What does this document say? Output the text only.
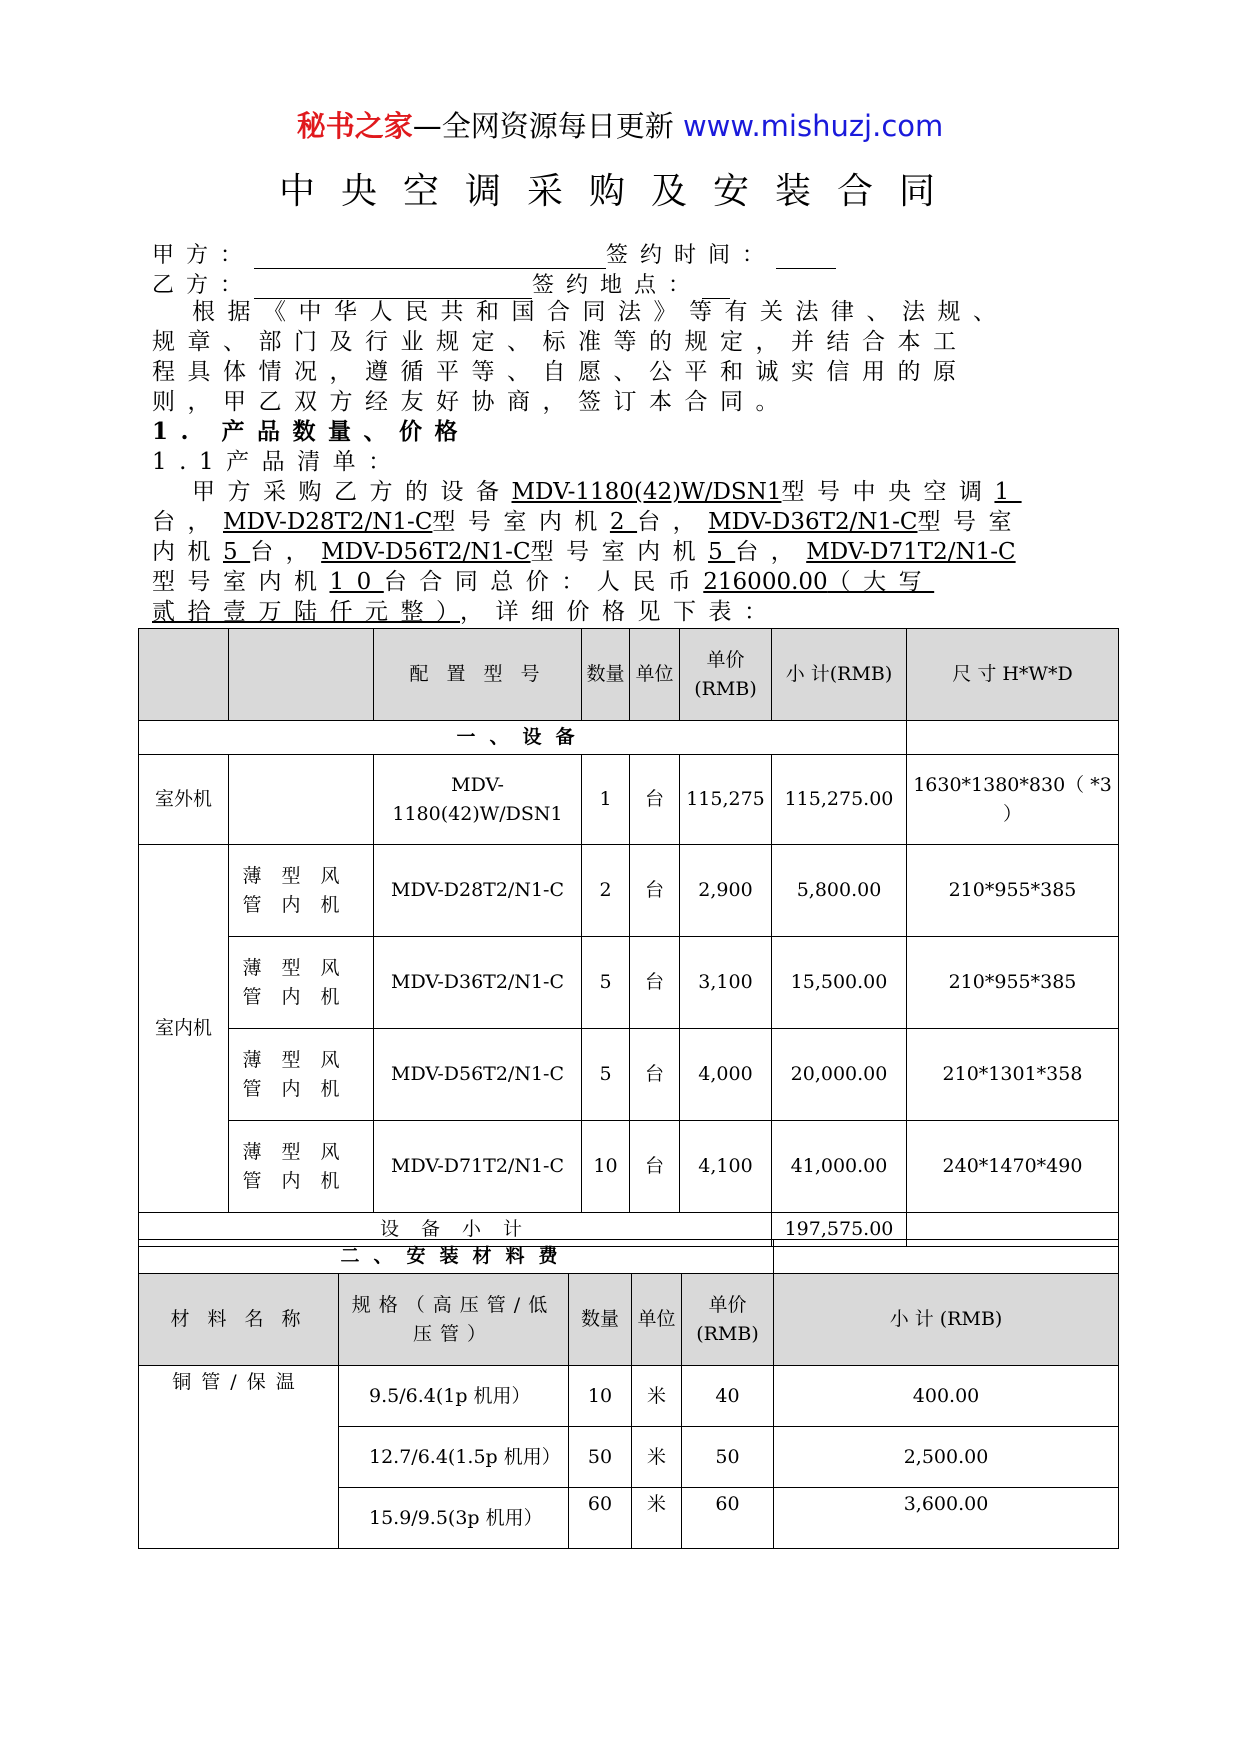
秘书之家—全网资源每日更新 www.mishuzj.com
中央空调采购及安装合同
甲方：	签约时间：
乙方：	签约地点：
根据《中华人民共和国合同法》等有关法律、法规、
规章、部门及行业规定、标准等的规定，并结合本工
程具体情况，遵循平等、自愿、公平和诚实信用的原
则，甲乙双方经友好协商，签订本合同。
1. 产品数量、价格
1.1产品清单：
甲方采购乙方的设备MDV-1180(42)W/DSN1型号中央空调1
台，MDV-D28T2/N1-C型号室内机2台，MDV-D36T2/N1-C型号室
内机5台，MDV-D56T2/N1-C型号室内机5台，MDV-D71T2/N1-C
型号室内机10台合同总价：人民币216000.00（大写
贰拾壹万陆仟元整），详细价格见下表：
		配 置 型 号	数量	单位	单价(RMB)	小 计(RMB)	尺 寸 H*W*D
一、设备							
室外机		MDV-1180(42)W/DSN1	1	台	115,275	115,275.00	1630*1380*830（ *3 ）
室内机	薄型风管内机	MDV-D28T2/N1-C	2	台	2,900	5,800.00	210*955*385
	薄型风管内机	MDV-D36T2/N1-C	5	台	3,100	15,500.00	210*955*385
	薄型风管内机	MDV-D56T2/N1-C	5	台	4,000	20,000.00	210*1301*358
	薄型风管内机	MDV-D71T2/N1-C	10	台	4,100	41,000.00	240*1470*490
设 备 小 计						197,575.00	
二、安装材料费					
材 料 名 称	规格（高压管/低压管）	数量	单位	单价(RMB)	小 计 (RMB)
铜管/保温	9.5/6.4(1p 机用）	10	米	40	400.00
	12.7/6.4(1.5p 机用）	50	米	50	2,500.00
	15.9/9.5(3p 机用）	60	米	60	3,600.00
